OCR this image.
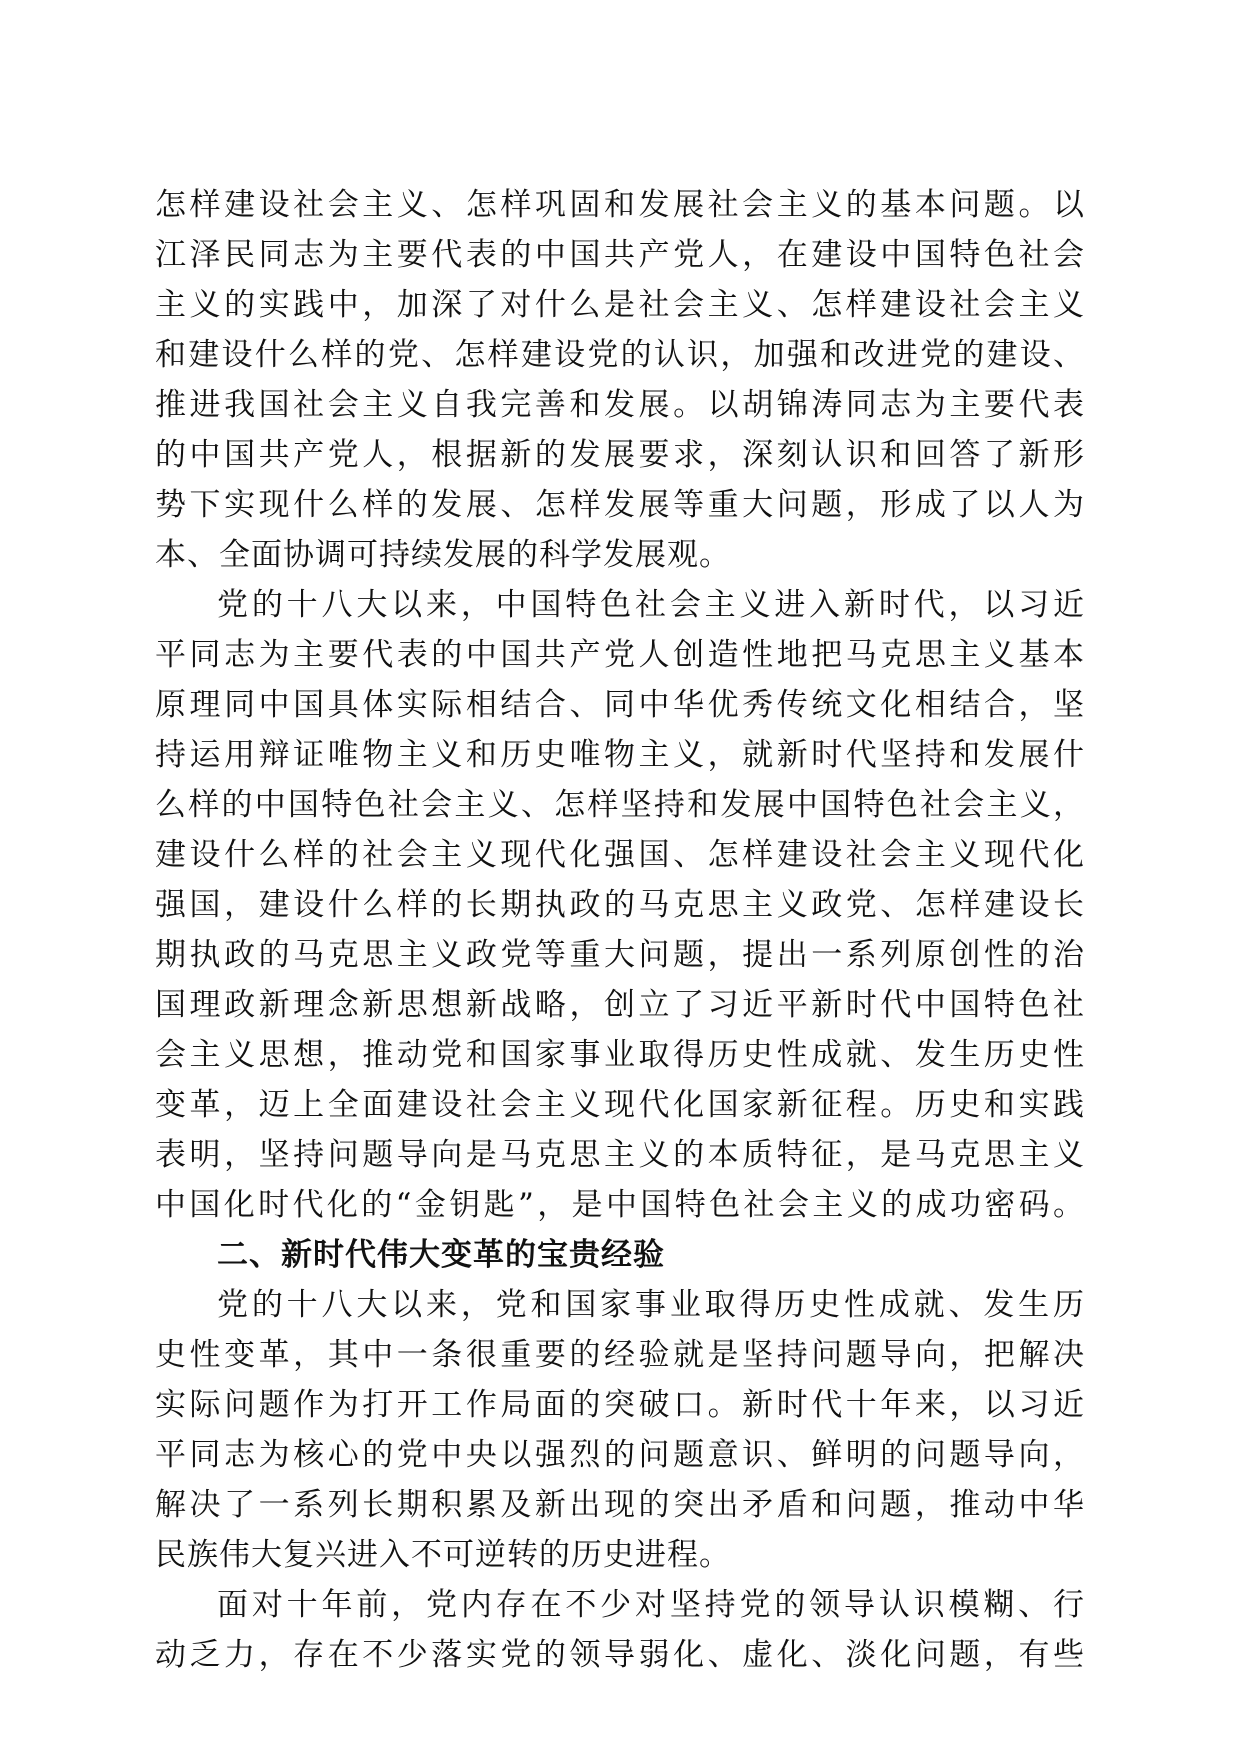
怎样建设社会主义、怎样巩固和发展社会主义的基本问题。以
江泽民同志为主要代表的中国共产党人，在建设中国特色社会
主义的实践中，加深了对什么是社会主义、怎样建设社会主义
和建设什么样的党、怎样建设党的认识，加强和改进党的建设、
推进我国社会主义自我完善和发展。以胡锦涛同志为主要代表
的中国共产党人，根据新的发展要求，深刻认识和回答了新形
势下实现什么样的发展、怎样发展等重大问题，形成了以人为
本、全面协调可持续发展的科学发展观。
党的十八大以来，中国特色社会主义进入新时代，以习近
平同志为主要代表的中国共产党人创造性地把马克思主义基本
原理同中国具体实际相结合、同中华优秀传统文化相结合，坚
持运用辩证唯物主义和历史唯物主义，就新时代坚持和发展什
么样的中国特色社会主义、怎样坚持和发展中国特色社会主义，
建设什么样的社会主义现代化强国、怎样建设社会主义现代化
强国，建设什么样的长期执政的马克思主义政党、怎样建设长
期执政的马克思主义政党等重大问题，提出一系列原创性的治
国理政新理念新思想新战略，创立了习近平新时代中国特色社
会主义思想，推动党和国家事业取得历史性成就、发生历史性
变革，迈上全面建设社会主义现代化国家新征程。历史和实践
表明，坚持问题导向是马克思主义的本质特征，是马克思主义
中国化时代化的“金钥匙”，是中国特色社会主义的成功密码。
二、新时代伟大变革的宝贵经验
党的十八大以来，党和国家事业取得历史性成就、发生历
史性变革，其中一条很重要的经验就是坚持问题导向，把解决
实际问题作为打开工作局面的突破口。新时代十年来，以习近
平同志为核心的党中央以强烈的问题意识、鲜明的问题导向，
解决了一系列长期积累及新出现的突出矛盾和问题，推动中华
民族伟大复兴进入不可逆转的历史进程。
面对十年前，党内存在不少对坚持党的领导认识模糊、行
动乏力，存在不少落实党的领导弱化、虚化、淡化问题，有些
